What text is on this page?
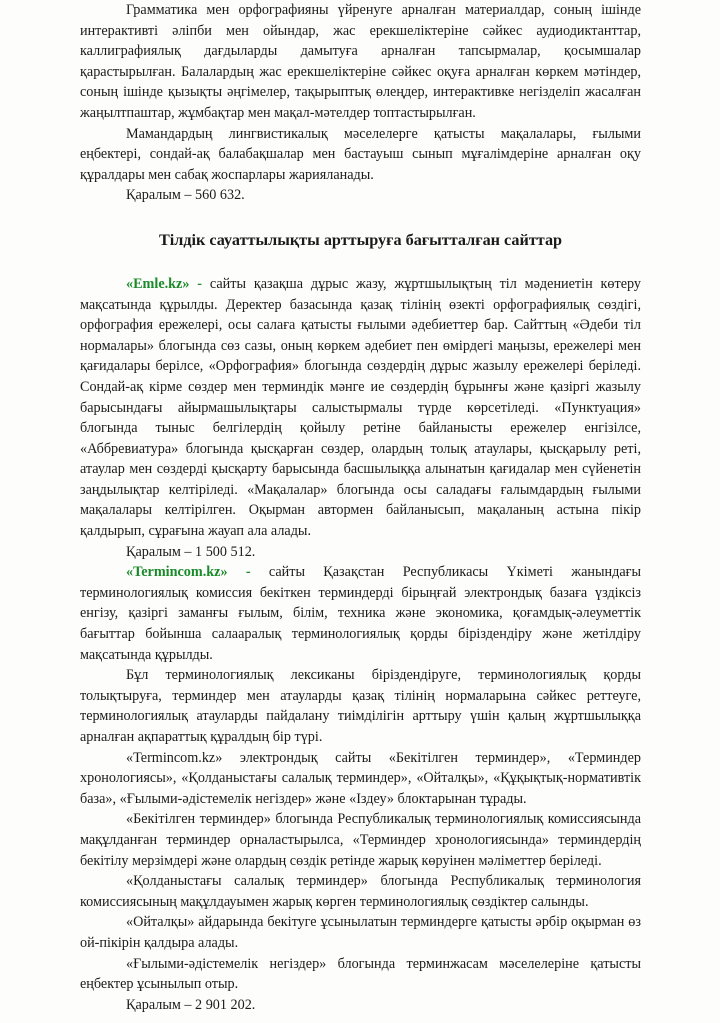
Грамматика мен орфографияны үйренуге арналған материалдар, соның ішінде интерактивті әліпби мен ойындар, жас ерекшеліктеріне сәйкес аудиодиктанттар, каллиграфиялық дағдыларды дамытуға арналған тапсырмалар, қосымшалар қарастырылған. Балалардың жас ерекшеліктеріне сәйкес оқуға арналған көркем мәтіндер, соның ішінде қызықты әңгімелер, тақырыптық өлеңдер, интерактивке негізделіп жасалған жаңылтпаштар, жұмбақтар мен мақал-мәтелдер топтастырылған.

Мамандардың лингвистикалық мәселелерге қатысты мақалалары, ғылыми еңбектері, сондай-ақ балабақшалар мен бастауыш сынып мұғалімдеріне арналған оқу құралдары мен сабақ жоспарлары жарияланады.

Қаралым – 560 632.
Тілдік сауаттылықты арттыруға бағытталған сайттар

«Emle.kz» - сайты қазақша дұрыс жазу, жұртшылықтың тіл мәдениетін көтеру мақсатында құрылды. Деректер базасында қазақ тілінің өзекті орфографиялық сөздігі, орфография ережелері, осы салаға қатысты ғылыми әдебиеттер бар. Сайттың «Әдеби тіл нормалары» блогында сөз сазы, оның көркем әдебиет пен өмірдегі маңызы, ережелері мен қағидалары берілсе, «Орфография» блогында сөздердің дұрыс жазылу ережелері беріледі. Сондай-ақ кірме сөздер мен терминдік мәнге ие сөздердің бұрынғы және қазіргі жазылу барысындағы айырмашылықтары салыстырмалы түрде көрсетіледі. «Пунктуация» блогында тыныс белгілердің қойылу ретіне байланысты ережелер енгізілсе, «Аббревиатура» блогында қысқарған сөздер, олардың толық атаулары, қысқарылу реті, атаулар мен сөздерді қысқарту барысында басшылыққа алынатын қағидалар мен сүйенетін заңдылықтар келтіріледі. «Мақалалар» блогында осы саладағы ғалымдардың ғылыми мақалалары келтірілген. Оқырман автормен байланысып, мақаланың астына пікір қалдырып, сұрағына жауап ала алады.

Қаралым – 1 500 512.

«Termincom.kz» - сайты Қазақстан Республикасы Үкіметі жанындағы терминологиялық комиссия бекіткен терминдерді бірыңғай электрондық базаға үздіксіз енгізу, қазіргі заманғы ғылым, білім, техника және экономика, қоғамдық-әлеуметтік бағыттар бойынша салааралық терминологиялық қорды біріздендіру және жетілдіру мақсатында құрылды.

Бұл терминологиялық лексиканы біріздендіруге, терминологиялық қорды толықтыруға, терминдер мен атауларды қазақ тілінің нормаларына сәйкес реттеуге, терминологиялық атауларды пайдалану тиімділігін арттыру үшін қалың жұртшылыққа арналған ақпараттық құралдың бір түрі.

«Termincom.kz» электрондық сайты «Бекітілген терминдер», «Терминдер хронологиясы», «Қолданыстағы салалық терминдер», «Ойталқы», «Құқықтық-нормативтік база», «Ғылыми-әдістемелік негіздер» және «Іздеу» блоктарынан тұрады.

«Бекітілген терминдер» блогында Республикалық терминологиялық комиссиясында мақұлданған терминдер орналастырылса, «Терминдер хронологиясында» терминдердің бекітілу мерзімдері және олардың сөздік ретінде жарық көруінен мәліметтер беріледі.

«Қолданыстағы салалық терминдер» блогында Республикалық терминология комиссиясының мақұлдауымен жарық көрген терминологиялық сөздіктер салынды.

«Ойталқы» айдарында бекітуге ұсынылатын терминдерге қатысты әрбір оқырман өз ой-пікірін қалдыра алады.

«Ғылыми-әдістемелік негіздер» блогында терминжасам мәселелеріне қатысты еңбектер ұсынылып отыр.

Қаралым – 2 901 202.
